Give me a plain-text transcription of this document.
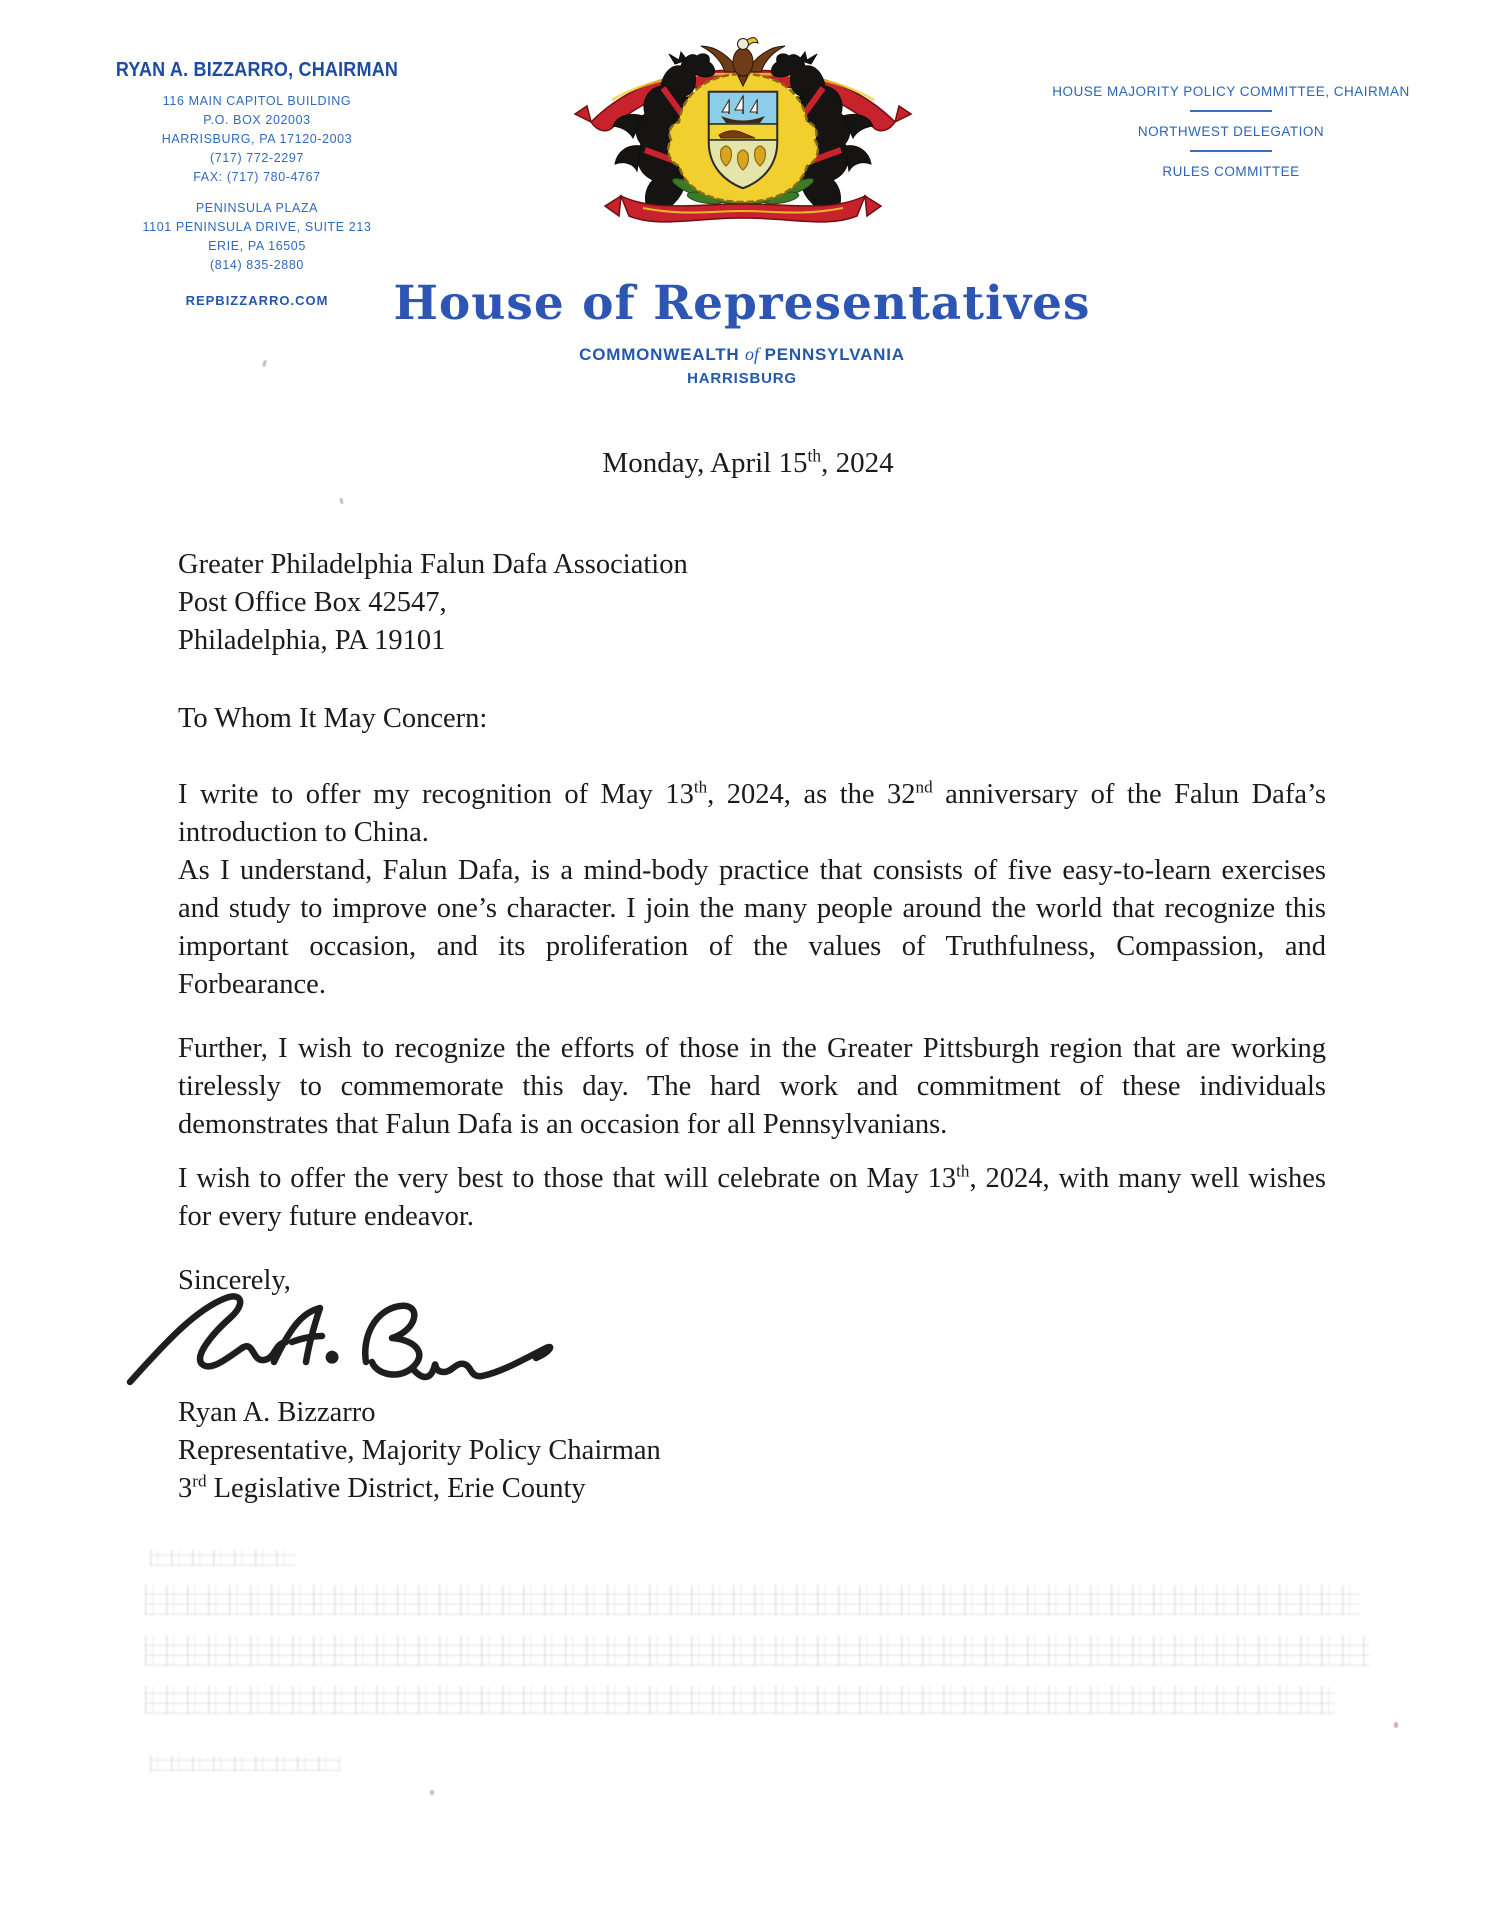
RYAN A. BIZZARRO, CHAIRMAN
116 MAIN CAPITOL BUILDING
P.O. BOX 202003
HARRISBURG, PA 17120-2003
(717) 772-2297
FAX: (717) 780-4767
PENINSULA PLAZA
1101 PENINSULA DRIVE, SUITE 213
ERIE, PA 16505
(814) 835-2880
REPBIZZARRO.COM
HOUSE MAJORITY POLICY COMMITTEE, CHAIRMAN
NORTHWEST DELEGATION
RULES COMMITTEE
House of Representatives
COMMONWEALTH of PENNSYLVANIA
HARRISBURG
Monday, April 15th, 2024
Greater Philadelphia Falun Dafa Association
Post Office Box 42547,
Philadelphia, PA 19101
To Whom It May Concern:
I write to offer my recognition of May 13th, 2024, as the 32nd anniversary of the Falun Dafa’s introduction to China.
As I understand, Falun Dafa, is a mind-body practice that consists of five easy-to-learn exercises and study to improve one’s character. I join the many people around the world that recognize this important occasion, and its proliferation of the values of Truthfulness, Compassion, and Forbearance.
Further, I wish to recognize the efforts of those in the Greater Pittsburgh region that are working tirelessly to commemorate this day. The hard work and commitment of these individuals demonstrates that Falun Dafa is an occasion for all Pennsylvanians.
I wish to offer the very best to those that will celebrate on May 13th, 2024, with many well wishes for every future endeavor.
Sincerely,
Ryan A. Bizzarro
Representative, Majority Policy Chairman
3rd Legislative District, Erie County
